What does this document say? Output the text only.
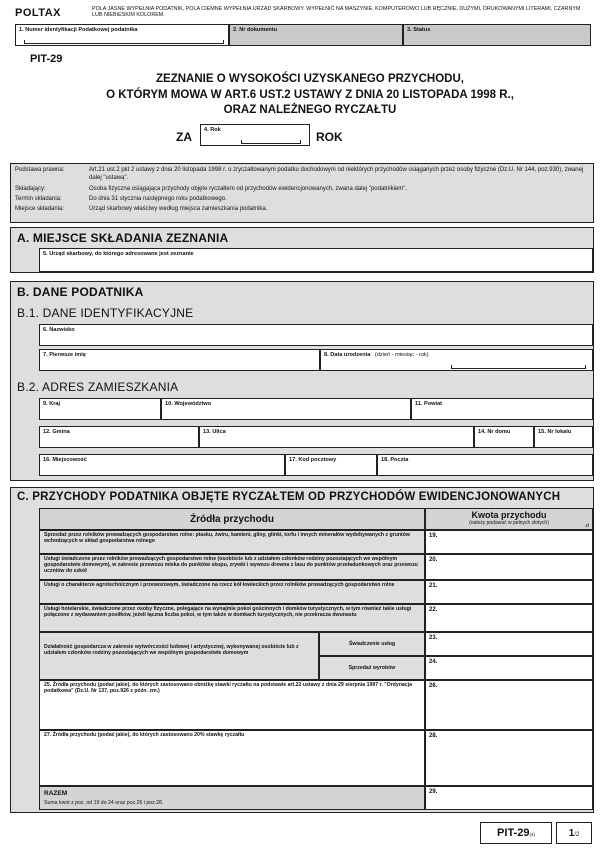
POLTAX	POLA JASNE WYPEŁNIA PODATNIK, POLA CIEMNE WYPEŁNIA URZĄD SKARBOWY. WYPEŁNIĆ NA MASZYNIE, KOMPUTEROWO LUB RĘCZNIE, DUŻYMI, DRUKOWANYMI LITERAMI, CZARNYM LUB NIEBIESKIM KOLOREM.
1. Numer identyfikacji Podatkowej podatnika	2. Nr dokumentu	3. Status
PIT-29
ZEZNANIE O WYSOKOŚCI UZYSKANEGO PRZYCHODU,
O KTÓRYM MOWA W ART.6 UST.2 USTAWY Z DNIA 20 LISTOPADA 1998 R.,
ORAZ NALEŻNEGO RYCZAŁTU
ZA 4. Rok	ROK
Podstawa prawna:	Art.21 ust.2 pkt 2 ustawy z dnia 20 listopada 1998 r. o zryczałtowanym podatku dochodowym od niektórych przychodów osiąganych przez osoby fizyczne (Dz.U. Nr 144, poz.930), zwanej dalej "ustawą".
Składający:	Osoba fizyczna osiągająca przychody objęte ryczałtem od przychodów ewidencjonowanych, zwana dalej "podatnikiem".
Termin składania:	Do dnia 31 stycznia następnego roku podatkowego.
Miejsce składania:	Urząd skarbowy właściwy według miejsca zamieszkania podatnika.
A. MIEJSCE SKŁADANIA ZEZNANIA
5. Urząd skarbowy, do którego adresowane jest zeznanie
B. DANE PODATNIKA
B.1. DANE IDENTYFIKACYJNE
6. Nazwisko
7. Pierwsze imię	8. Data urodzenia (dzień - miesiąc - rok)
B.2. ADRES ZAMIESZKANIA
9. Kraj	10. Województwo	11. Powiat
12. Gmina	13. Ulica	14. Nr domu	15. Nr lokalu
16. Miejscowość	17. Kod pocztowy	18. Poczta
C. PRZYCHODY PODATNIKA OBJĘTE RYCZAŁTEM OD PRZYCHODÓW EWIDENCJONOWANYCH
Źródła przychodu	Kwota przychodu
(należy podawać w pełnych złotych)	zł
Sprzedaż przez rolników prowadzących gospodarstwo rolne: piasku, żwiru, kamieni, gliny, glinki, torfu i innych minerałów wydobywanych z gruntów wchodzących w skład gospodarstwa rolnego
19.
Usługi świadczone przez rolników prowadzących gospodarstwo rolne (osobiście lub z udziałem członków rodziny pozostających we wspólnym gospodarstwie domowym), w zakresie przewozu mleka do punktów skupu, zrywki i wywozu drewna z lasu do punktów przeładunkowych oraz przewozu uczniów do szkół
20.
Usługi o charakterze agrotechnicznym i przewozowym, świadczone na rzecz kół łowieckich przez rolników prowadzących gospodarstwo rolne	21.
Usługi hotelarskie, świadczone przez osoby fizyczne, polegające na wynajmie pokoi gościnnych i domków turystycznych, w tym również takie usługi połączone z wydawaniem posiłków, jeżeli łączna liczba pokoi, w tym także w domkach turystycznych, nie przekracza dwunastu
22.
Działalność gospodarcza w zakresie wytwórczości ludowej i artystycznej, wykonywanej osobiście lub z udziałem członków rodziny pozostających we wspólnym gospodarstwie domowym
Świadczenie usług
23.
Sprzedaż wyrobów
24.
25. Źródła przychodu (podać jakie), do których zastosowano obniżkę stawki ryczałtu na podstawie art.22 ustawy z dnia 29 sierpnia 1997 r. "Ordynacja podatkowa" (Dz.U. Nr 137, poz.926 z późn. zm.)
26.
27. Źródła przychodu (podać jakie), do których zastosowano 20% stawkę ryczałtu	28.
RAZEM
Suma kwot z poz. od 19 do 24 oraz poz.26 i poz.28.
29.
PIT-29(4)	1/2
